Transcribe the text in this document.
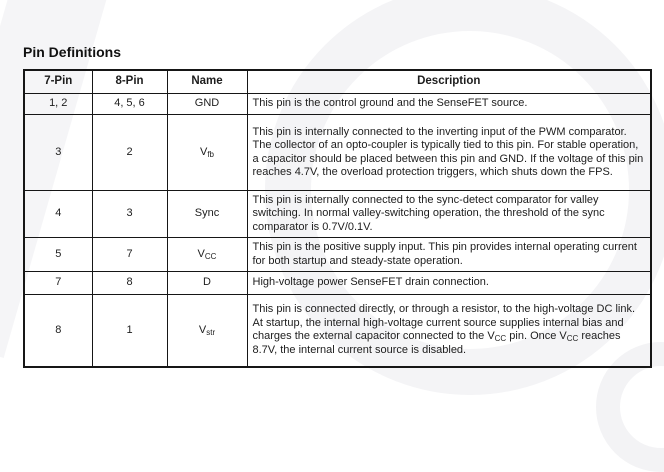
Pin Definitions
7-Pin	8-Pin	Name	Description
1, 2	4, 5, 6	GND	This pin is the control ground and the SenseFET source.
3	2	$V_{fb}$	This pin is internally connected to the inverting input of the PWM comparator. The collector of an opto-coupler is typically tied to this pin. For stable operation, a capacitor should be placed between this pin and GND. If the voltage of this pin reaches 4.7V, the overload protection triggers, which shuts down the FPS.
4	3	Sync	This pin is internally connected to the sync-detect comparator for valley switching. In normal valley-switching operation, the threshold of the sync comparator is 0.7V/0.1V.
5	7	$V_{CC}$	This pin is the positive supply input. This pin provides internal operating current for both startup and steady-state operation.
7	8	D	High-voltage power SenseFET drain connection.
8	1	$V_{str}$	This pin is connected directly, or through a resistor, to the high-voltage DC link. At startup, the internal high-voltage current source supplies internal bias and charges the external capacitor connected to the $V_{CC}$ pin. Once $V_{CC}$ reaches 8.7V, the internal current source is disabled.
